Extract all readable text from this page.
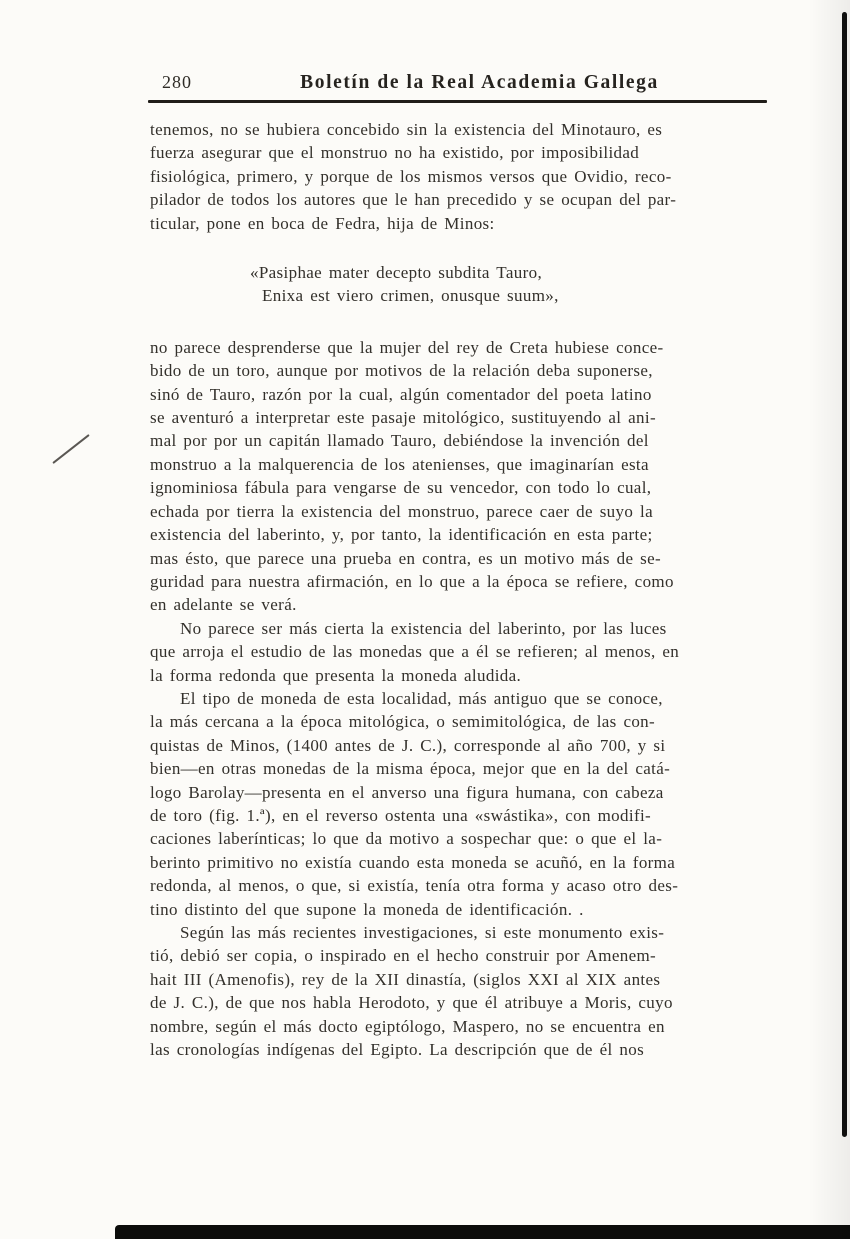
280	Boletín de la Real Academia Gallega
tenemos, no se hubiera concebido sin la existencia del Minotauro, es
fuerza asegurar que el monstruo no ha existido, por imposibilidad
fisiológica, primero, y porque de los mismos versos que Ovidio, reco-
pilador de todos los autores que le han precedido y se ocupan del par-
ticular, pone en boca de Fedra, hija de Minos:
«Pasiphae mater decepto subdita Tauro,
Enixa est viero crimen, onusque suum»,
no parece desprenderse que la mujer del rey de Creta hubiese conce-
bido de un toro, aunque por motivos de la relación deba suponerse,
sinó de Tauro, razón por la cual, algún comentador del poeta latino
se aventuró a interpretar este pasaje mitológico, sustituyendo al ani-
mal por por un capitán llamado Tauro, debiéndose la invención del
monstruo a la malquerencia de los atenienses, que imaginarían esta
ignominiosa fábula para vengarse de su vencedor, con todo lo cual,
echada por tierra la existencia del monstruo, parece caer de suyo la
existencia del laberinto, y, por tanto, la identificación en esta parte;
mas ésto, que parece una prueba en contra, es un motivo más de se-
guridad para nuestra afirmación, en lo que a la época se refiere, como
en adelante se verá.
No parece ser más cierta la existencia del laberinto, por las luces
que arroja el estudio de las monedas que a él se refieren; al menos, en
la forma redonda que presenta la moneda aludida.
El tipo de moneda de esta localidad, más antiguo que se conoce,
la más cercana a la época mitológica, o semimitológica, de las con-
quistas de Minos, (1400 antes de J. C.), corresponde al año 700, y si
bien—en otras monedas de la misma época, mejor que en la del catá-
logo Barolay—presenta en el anverso una figura humana, con cabeza
de toro (fig. 1.ª), en el reverso ostenta una «swástika», con modifi-
caciones laberínticas; lo que da motivo a sospechar que: o que el la-
berinto primitivo no existía cuando esta moneda se acuñó, en la forma
redonda, al menos, o que, si existía, tenía otra forma y acaso otro des-
tino distinto del que supone la moneda de identificación. .
Según las más recientes investigaciones, si este monumento exis-
tió, debió ser copia, o inspirado en el hecho construir por Amenem-
hait III (Amenofis), rey de la XII dinastía, (siglos XXI al XIX antes
de J. C.), de que nos habla Herodoto, y que él atribuye a Moris, cuyo
nombre, según el más docto egiptólogo, Maspero, no se encuentra en
las cronologías indígenas del Egipto. La descripción que de él nos
